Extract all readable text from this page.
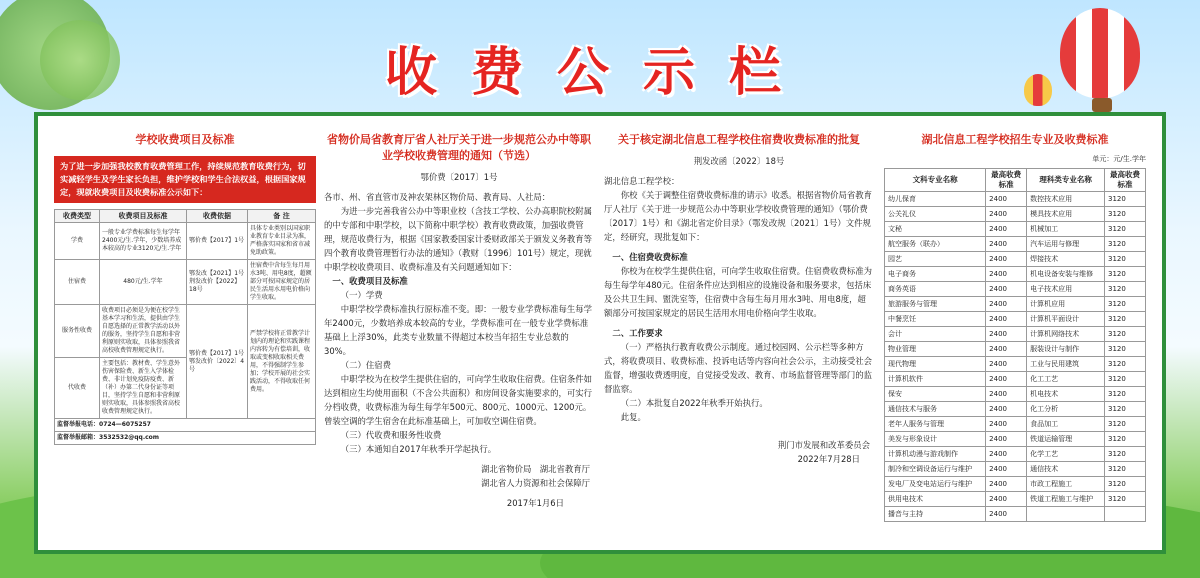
收费公示栏
学校收费项目及标准
为了进一步加强我校教育收费管理工作，持续规范教育收费行为，切实减轻学生及学生家长负担，维护学校和学生合法权益，根据国家规定，现就收费项目及收费标准公示如下：
收费类型	收费项目及标准	收费依据	备 注
学费	一般专业学费标准每生每学年2400元/生.学年，少数培养成本较高的专业3120元/生.学年	鄂价费【2017】1号	具体专业类别以国家职业教育专业目录为准，严格落实国家和省市减免助政策。
住宿费	480元/生.学年	鄂发改【2021】1号 荆发改价【2022】18号	住宿费中含每生每月用水3吨、用电8度，超额部分可按国家规定的居民生活用水用电价格向学生收取。
服务性收费	收费项目必须是为便在校学生基本学习和生活，提供由学生自愿选择的正常教学活动以外的服务，坚持学生自愿和非营利原则实收取，具体参照我省高校收费管理规定执行。	鄂价费【2017】1号 鄂发改价〔2022〕4号	严禁学校将正常教学计划内的理论和实践课程内容转为有偿培训，收取或变相收取相关费用，不得强制学生参加；学校开展的社会实践活动，不得收取任何费用。
代收费	主要包括：教材费、学生意外伤害保险费、新生入学体检费、非计划免疫防疫费、新（补）办第二代身份证等项目，坚持学生自愿和非营利原则实收取，具体参照我省高校收费管理规定执行。		
监督举报电话：0724—6075257			
监督举报邮箱：3532532@qq.com			
省物价局省教育厅省人社厅关于进一步规范公办中等职业学校收费管理的通知（节选）
鄂价费〔2017〕1号
各市、州、省直管市及神农架林区物价局、教育局、人社局：

为进一步完善我省公办中等职业校（含技工学校、公办高职院校附属的中专部和中职学校，以下简称中职学校）教育收费政策，加强收费管理，规范收费行为，根据《国家教委国家计委财政部关于颁发义务教育等四个教育收费管理暂行办法的通知》（教财〔1996〕101号）规定，现就中职学校收费项目、收费标准及有关问题通知如下：

一、收费项目及标准

（一）学费

中职学校学费标准执行原标准不变。即：一般专业学费标准每生每学年2400元，少数培养成本较高的专业，学费标准可在一般专业学费标准基础上上浮30%，此类专业数量不得超过本校当年招生专业总数的30%。

（二）住宿费

中职学校为在校学生提供住宿的，可向学生收取住宿费。住宿条件如达到相应生均使用面积（不含公共面积）和房间设备实施要求的，可实行分档收费，收费标准为每生每学年500元、800元、1000元、1200元。曾装空调的学生宿舍在此标准基础上，可加收空调住宿费。

（三）代收费和服务性收费

（三）本通知自2017年秋季开学起执行。

湖北省物价局　湖北省教育厅
湖北省人力资源和社会保障厅
2017年1月6日
关于核定湖北信息工程学校住宿费收费标准的批复
荆发改函〔2022〕18号
湖北信息工程学校：

你校《关于调整住宿费收费标准的请示》收悉。根据省物价局省教育厅人社厅《关于进一步规范公办中等职业学校收费管理的通知》（鄂价费〔2017〕1号）和《湖北省定价目录》（鄂发改规〔2021〕1号）文件规定，经研究，现批复如下：

一、住宿费收费标准

你校为在校学生提供住宿，可向学生收取住宿费。住宿费收费标准为每生每学年480元。住宿条件应达到相应的设施设备和服务要求，包括床及公共卫生间、盥洗室等，住宿费中含每生每月用水3吨、用电8度，超额部分可按国家规定的居民生活用水用电价格向学生收取。

二、工作要求

（一）严格执行教育收费公示制度。通过校园网、公示栏等多种方式，将收费项目、收费标准、投诉电话等内容向社会公示，主动接受社会监督，增强收费透明度，自觉接受发改、教育、市场监督管理等部门的监督监察。

（二）本批复自2022年秋季开始执行。

此复。

荆门市发展和改革委员会
2022年7月28日
湖北信息工程学校招生专业及收费标准
单元：元/生.学年
文科专业名称	最高收费标准	理科类专业名称	最高收费标准
幼儿保育	2400	数控技术应用	3120
公关礼仪	2400	模具技术应用	3120
文秘	2400	机械加工	3120
航空服务（联办）	2400	汽车运用与修理	3120
园艺	2400	焊接技术	3120
电子商务	2400	机电设备安装与维修	3120
商务英语	2400	电子技术应用	3120
旅游服务与管理	2400	计算机应用	3120
中餐烹饪	2400	计算机平面设计	3120
会计	2400	计算机网络技术	3120
物业管理	2400	服装设计与制作	3120
现代物理	2400	工业与民用建筑	3120
计算机软件	2400	化工工艺	3120
保安	2400	机电技术	3120
通信技术与服务	2400	化工分析	3120
老年人服务与管理	2400	食品加工	3120
美发与形象设计	2400	铁道运输管理	3120
计算机动漫与游戏制作	2400	化学工艺	3120
制冷和空调设备运行与维护	2400	通信技术	3120
发电厂及变电站运行与维护	2400	市政工程施工	3120
供用电技术	2400	铁道工程施工与维护	3120
播音与主持	2400		
